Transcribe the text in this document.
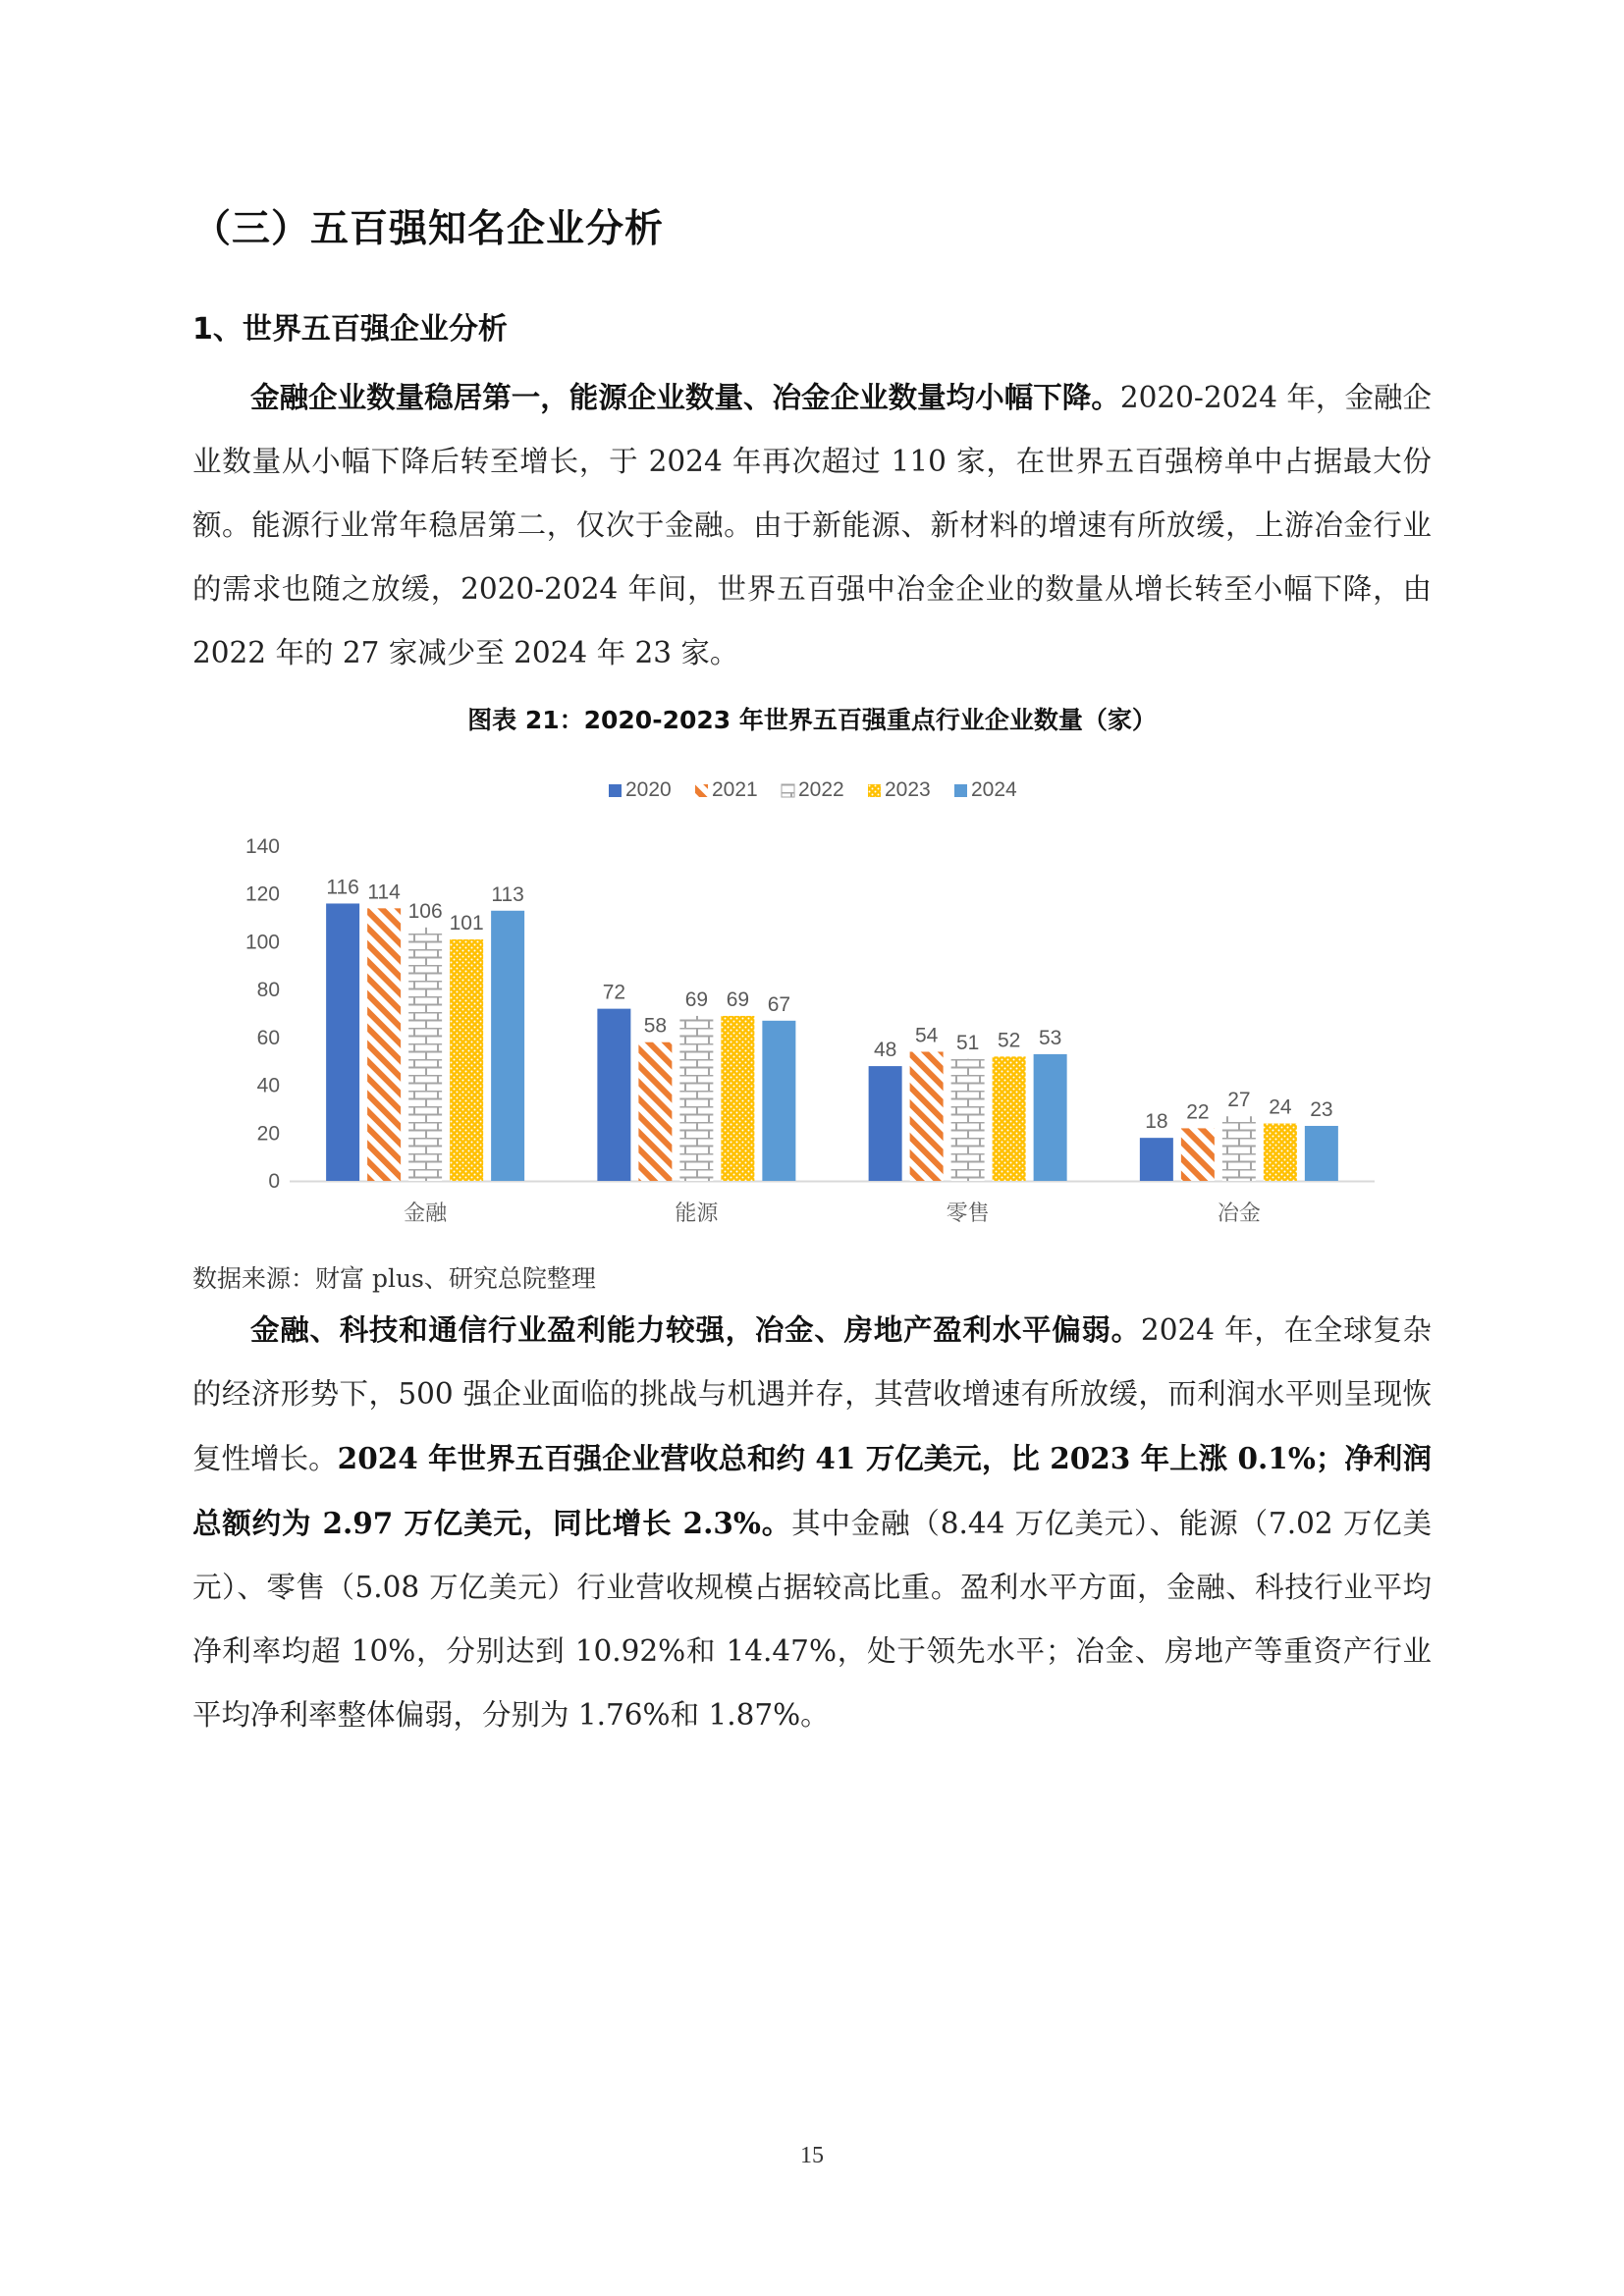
（三）五百强知名企业分析
1、世界五百强企业分析

金融企业数量稳居第一，能源企业数量、冶金企业数量均小幅下降。2020-2024 年，金融企业数量从小幅下降后转至增长，于 2024 年再次超过 110 家，在世界五百强榜单中占据最大份额。能源行业常年稳居第二，仅次于金融。由于新能源、新材料的增速有所放缓，上游冶金行业的需求也随之放缓，2020-2024 年间，世界五百强中冶金企业的数量从增长转至小幅下降，由 2022 年的 27 家减少至 2024 年 23 家。

图表 21：2020-2023 年世界五百强重点行业企业数量（家）
2020 2021 2022 2023 2024
0
20
40
60
80
100
120
140
金融	能源	零售	冶金
116 114
106
101
113
72
58
69 69 67
48
54 51 52 53
18 22
27 24 23
数据来源：财富 plus、研究总院整理

金融、科技和通信行业盈利能力较强，冶金、房地产盈利水平偏弱。2024 年，在全球复杂的经济形势下，500 强企业面临的挑战与机遇并存，其营收增速有所放缓，而利润水平则呈现恢复性增长。2024 年世界五百强企业营收总和约 41 万亿美元，比 2023 年上涨 0.1%；净利润总额约为 2.97 万亿美元，同比增长 2.3%。其中金融（8.44 万亿美元）、能源（7.02 万亿美元）、零售（5.08 万亿美元）行业营收规模占据较高比重。盈利水平方面，金融、科技行业平均净利率均超 10%，分别达到 10.92%和 14.47%，处于领先水平；冶金、房地产等重资产行业平均净利率整体偏弱，分别为 1.76%和 1.87%。

15
